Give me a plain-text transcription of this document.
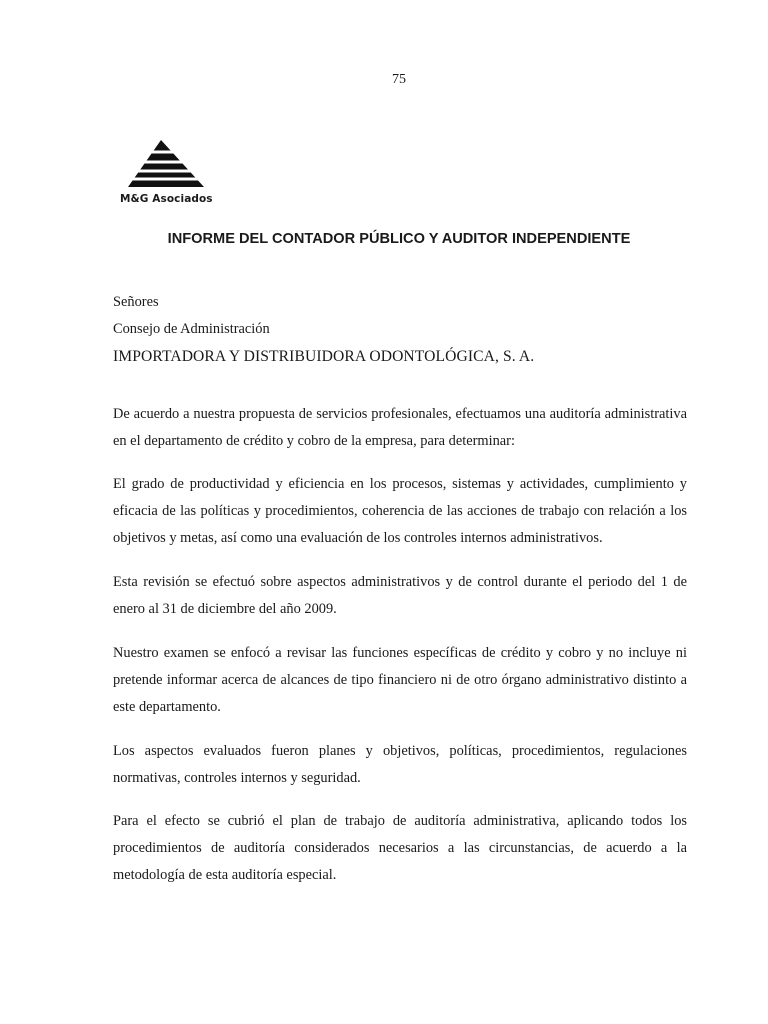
75
M&G Asociados
INFORME DEL CONTADOR PÚBLICO Y AUDITOR INDEPENDIENTE
Señores
Consejo de Administración
IMPORTADORA Y DISTRIBUIDORA ODONTOLÓGICA, S. A.

De acuerdo a nuestra propuesta de servicios profesionales, efectuamos una auditoría administrativa en el departamento de crédito y cobro de la empresa, para determinar:

El grado de productividad y eficiencia en los procesos, sistemas y actividades, cumplimiento y eficacia de las políticas y procedimientos, coherencia de las acciones de trabajo con relación a los objetivos y metas, así como una evaluación de los controles internos administrativos.

Esta revisión se efectuó sobre aspectos administrativos y de control durante el periodo del 1 de enero al 31 de diciembre del año 2009.

Nuestro examen se enfocó a revisar las funciones específicas de crédito y cobro y no incluye ni pretende informar acerca de alcances de tipo financiero ni de otro órgano administrativo distinto a este departamento.

Los aspectos evaluados fueron planes y objetivos, políticas, procedimientos, regulaciones normativas, controles internos y seguridad.

Para el efecto se cubrió el plan de trabajo de auditoría administrativa, aplicando todos los procedimientos de auditoría considerados necesarios a las circunstancias, de acuerdo a la metodología de esta auditoría especial.
